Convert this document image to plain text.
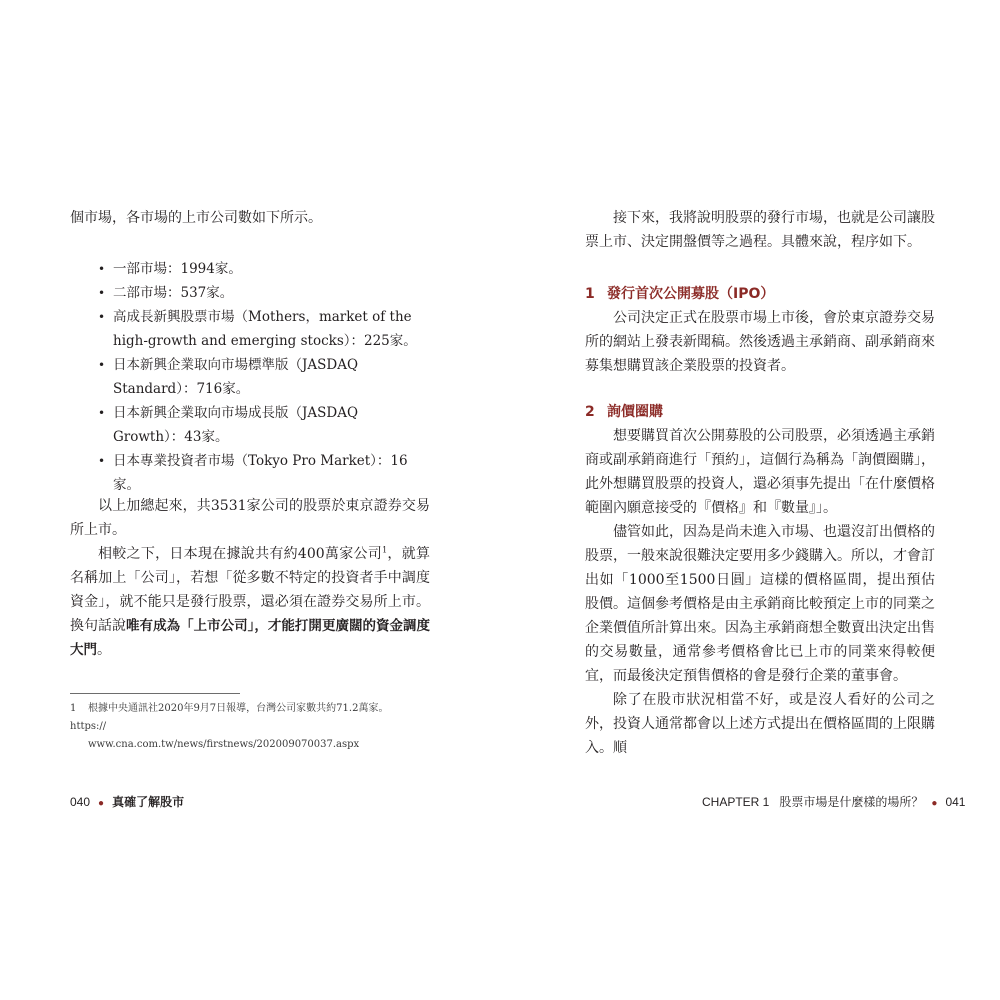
個市場，各市場的上市公司數如下所示。

• 一部市場：1994家。
• 二部市場：537家。
• 高成長新興股票市場（Mothers，market of the high-growth and emerging stocks）：225家。
• 日本新興企業取向市場標準版（JASDAQ Standard）：716家。
• 日本新興企業取向市場成長版（JASDAQ Growth）：43家。
• 日本專業投資者市場（Tokyo Pro Market）：16家。

以上加總起來，共3531家公司的股票於東京證券交易所上市。

相較之下，日本現在據說共有約400萬家公司$^1$，就算名稱加上「公司」，若想「從多數不特定的投資者手中調度資金」，就不能只是發行股票，還必須在證券交易所上市。換句話說唯有成為「上市公司」，才能打開更廣闊的資金調度大門。

1 根據中央通訊社2020年9月7日報導，台灣公司家數共約71.2萬家。https://
www.cna.com.tw/news/firstnews/202009070037.aspx
040 ● 真確了解股市

接下來，我將說明股票的發行市場，也就是公司讓股票上市、決定開盤價等之過程。具體來說，程序如下。

1 發行首次公開募股（IPO）

公司決定正式在股票市場上市後，會於東京證券交易所的網站上發表新聞稿。然後透過主承銷商、副承銷商來募集想購買該企業股票的投資者。

2 詢價圈購

想要購買首次公開募股的公司股票，必須透過主承銷商或副承銷商進行「預約」，這個行為稱為「詢價圈購」，此外想購買股票的投資人，還必須事先提出「在什麼價格範圍內願意接受的『價格』和『數量』」。

儘管如此，因為是尚未進入市場、也還沒訂出價格的股票，一般來說很難決定要用多少錢購入。所以，才會訂出如「1000至1500日圓」這樣的價格區間，提出預估股價。這個參考價格是由主承銷商比較預定上市的同業之企業價值所計算出來。因為主承銷商想全數賣出決定出售的交易數量，通常參考價格會比已上市的同業來得較便宜，而最後決定預售價格的會是發行企業的董事會。

除了在股市狀況相當不好，或是沒人看好的公司之外，投資人通常都會以上述方式提出在價格區間的上限購入。順

CHAPTER 1 股票市場是什麼樣的場所？ ● 041
